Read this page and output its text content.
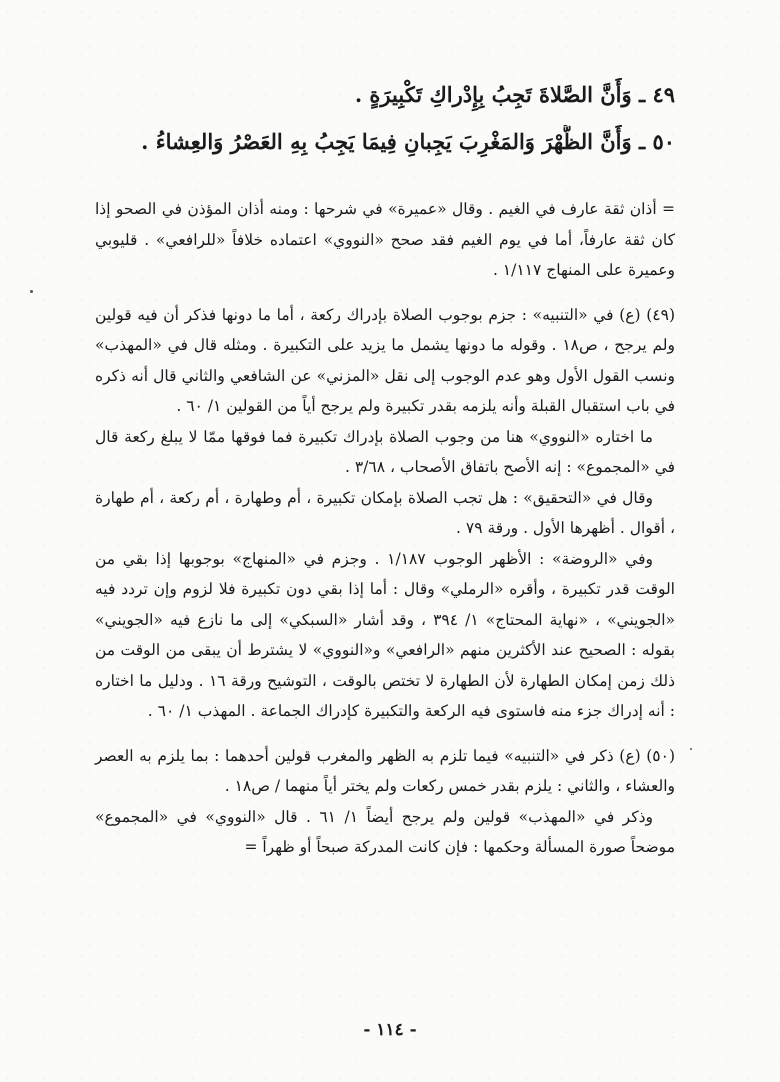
٤٩ ـ وَأَنَّ الصَّلاةَ تَجِبُ بِإِدْراكِ تَكْبِيرَةٍ .

٥٠ ـ وَأَنَّ الظُّهْرَ وَالمَغْرِبَ يَجِبانِ فِيمَا يَجِبُ بِهِ العَصْرُ وَالعِشاءُ .

= أذان ثقة عارف في الغيم . وقال «عميرة» في شرحها : ومنه أذان المؤذن في الصحو إذا كان ثقة عارفاً، أما في يوم الغيم فقد صحح «النووي» اعتماده خلافاً «للرافعي» . قليوبي وعميرة على المنهاج ١/١١٧ .

(٤٩) (ع) في «التنبيه» : جزم بوجوب الصلاة بإدراك ركعة ، أما ما دونها فذكر أن فيه قولين ولم يرجح ، ص١٨ . وقوله ما دونها يشمل ما يزيد على التكبيرة . ومثله قال في «المهذب» ونسب القول الأول وهو عدم الوجوب إلى نقل «المزني» عن الشافعي والثاني قال أنه ذكره في باب استقبال القبلة وأنه يلزمه بقدر تكبيرة ولم يرجح أياً من القولين ١/ ٦٠ .

ما اختاره «النووي» هنا من وجوب الصلاة بإدراك تكبيرة فما فوقها ممّا لا يبلغ ركعة قال في «المجموع» : إنه الأصح باتفاق الأصحاب ، ٣/٦٨ .

وقال في «التحقيق» : هل تجب الصلاة بإمكان تكبيرة ، أم وطهارة ، أم ركعة ، أم طهارة ، أقوال . أظهرها الأول . ورقة ٧٩ .

وفي «الروضة» : الأظهر الوجوب ١/١٨٧ . وجزم في «المنهاج» بوجوبها إذا بقي من الوقت قدر تكبيرة ، وأقره «الرملي» وقال : أما إذا بقي دون تكبيرة فلا لزوم وإن تردد فيه «الجويني» ، «نهاية المحتاج» ١/ ٣٩٤ ، وقد أشار «السبكي» إلى ما نازع فيه «الجويني» بقوله : الصحيح عند الأكثرين منهم «الرافعي» و«النووي» لا يشترط أن يبقى من الوقت من ذلك زمن إمكان الطهارة لأن الطهارة لا تختص بالوقت ، التوشيح ورقة ١٦ . ودليل ما اختاره : أنه إدراك جزء منه فاستوى فيه الركعة والتكبيرة كإدراك الجماعة . المهذب ١/ ٦٠ .

(٥٠) (ع) ذكر في «التنبيه» فيما تلزم به الظهر والمغرب قولين أحدهما : بما يلزم به العصر والعشاء ، والثاني : يلزم بقدر خمس ركعات ولم يختر أياً منهما / ص١٨ .

وذكر في «المهذب» قولين ولم يرجح أيضاً ١/ ٦١ . قال «النووي» في «المجموع» موضحاً صورة المسألة وحكمها : فإن كانت المدركة صبحاً أو ظهراً =

- ١١٤ -
